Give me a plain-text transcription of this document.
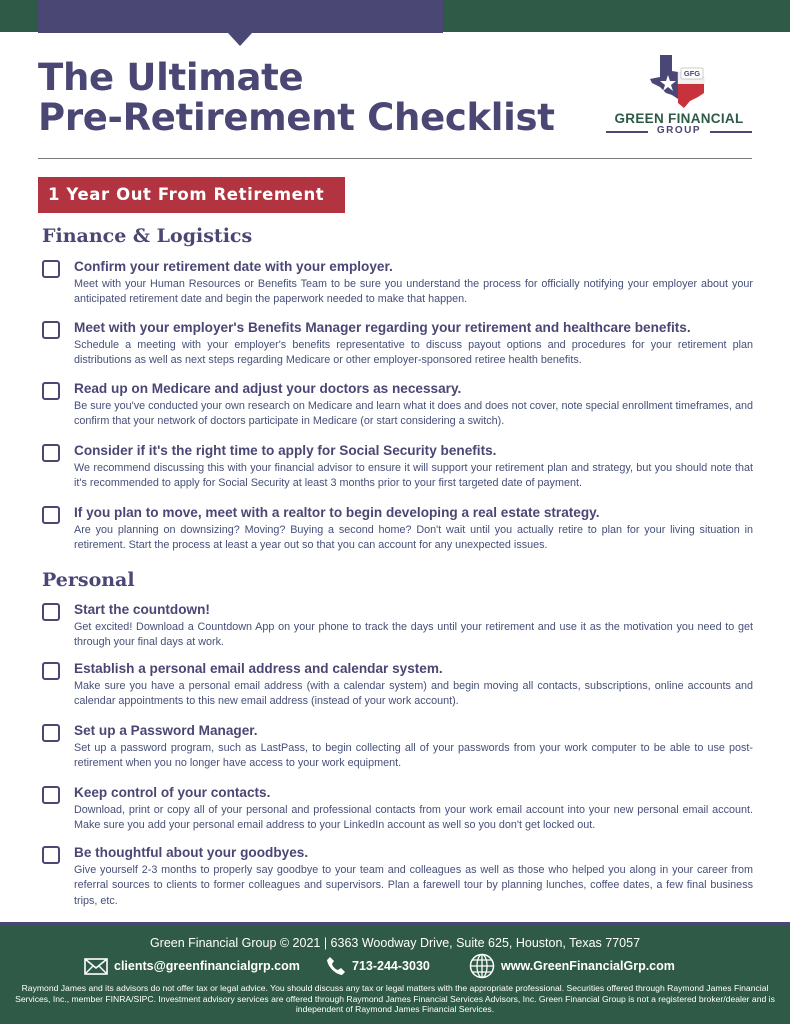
The Ultimate
Pre-Retirement Checklist
GFG
GREEN FINANCIAL
GROUP
1 Year Out From Retirement
Finance & Logistics

Confirm your retirement date with your employer.

Meet with your Human Resources or Benefits Team to be sure you understand the process for officially notifying your employer about your anticipated retirement date and begin the paperwork needed to make that happen.

Meet with your employer's Benefits Manager regarding your retirement and healthcare benefits.

Schedule a meeting with your employer's benefits representative to discuss payout options and procedures for your retirement plan distributions as well as next steps regarding Medicare or other employer-sponsored retiree health benefits.

Read up on Medicare and adjust your doctors as necessary.

Be sure you've conducted your own research on Medicare and learn what it does and does not cover, note special enrollment timeframes, and confirm that your network of doctors participate in Medicare (or start considering a switch).

Consider if it's the right time to apply for Social Security benefits.

We recommend discussing this with your financial advisor to ensure it will support your retirement plan and strategy, but you should note that it's recommended to apply for Social Security at least 3 months prior to your first targeted date of payment.

If you plan to move, meet with a realtor to begin developing a real estate strategy.

Are you planning on downsizing? Moving? Buying a second home? Don't wait until you actually retire to plan for your living situation in retirement. Start the process at least a year out so that you can account for any unexpected issues.

Personal

Start the countdown!

Get excited! Download a Countdown App on your phone to track the days until your retirement and use it as the motivation you need to get through your final days at work.

Establish a personal email address and calendar system.

Make sure you have a personal email address (with a calendar system) and begin moving all contacts, subscriptions, online accounts and calendar appointments to this new email address (instead of your work account).

Set up a Password Manager.

Set up a password program, such as LastPass, to begin collecting all of your passwords from your work computer to be able to use post-retirement when you no longer have access to your work equipment.

Keep control of your contacts.

Download, print or copy all of your personal and professional contacts from your work email account into your new personal email account. Make sure you add your personal email address to your LinkedIn account as well so you don't get locked out.

Be thoughtful about your goodbyes.

Give yourself 2-3 months to properly say goodbye to your team and colleagues as well as those who helped you along in your career from referral sources to clients to former colleagues and supervisors. Plan a farewell tour by planning lunches, coffee dates, a few final business trips, etc.

Green Financial Group © 2021 | 6363 Woodway Drive, Suite 625, Houston, Texas 77057
clients@greenfinancialgrp.com	713-244-3030	www.GreenFinancialGrp.com
Raymond James and its advisors do not offer tax or legal advice. You should discuss any tax or legal matters with the appropriate professional. Securities offered through Raymond James Financial Services, Inc., member FINRA/SIPC. Investment advisory services are offered through Raymond James Financial Services Advisors, Inc. Green Financial Group is not a registered broker/dealer and is independent of Raymond James Financial Services.
